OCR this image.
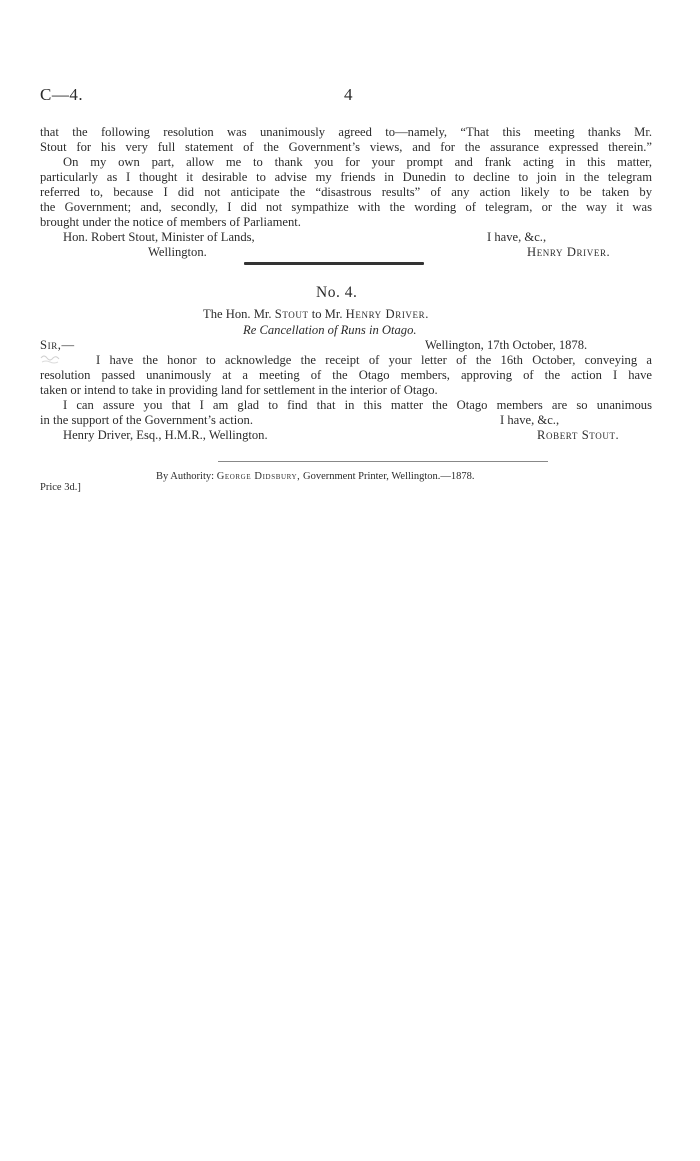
C—4.	4
that the following resolution was unanimously agreed to—namely, “That this meeting thanks Mr.
Stout for his very full statement of the Government’s views, and for the assurance expressed therein.”
On my own part, allow me to thank you for your prompt and frank acting in this matter,
particularly as I thought it desirable to advise my friends in Dunedin to decline to join in the telegram
referred to, because I did not anticipate the “disastrous results” of any action likely to be taken by
the Government; and, secondly, I did not sympathize with the wording of telegram, or the way it was
brought under the notice of members of Parliament.
Hon. Robert Stout, Minister of Lands,	I have, &c.,
Wellington.	Henry Driver.
No. 4.
The Hon. Mr. Stout to Mr. Henry Driver.
Re Cancellation of Runs in Otago.
Sir,—	Wellington, 17th October, 1878.
I have the honor to acknowledge the receipt of your letter of the 16th October, conveying a
resolution passed unanimously at a meeting of the Otago members, approving of the action I have
taken or intend to take in providing land for settlement in the interior of Otago.
I can assure you that I am glad to find that in this matter the Otago members are so unanimous
in the support of the Government’s action.	I have, &c.,
Henry Driver, Esq., H.M.R., Wellington.	Robert Stout.
By Authority: George Didsbury, Government Printer, Wellington.—1878.
Price 3d.]
